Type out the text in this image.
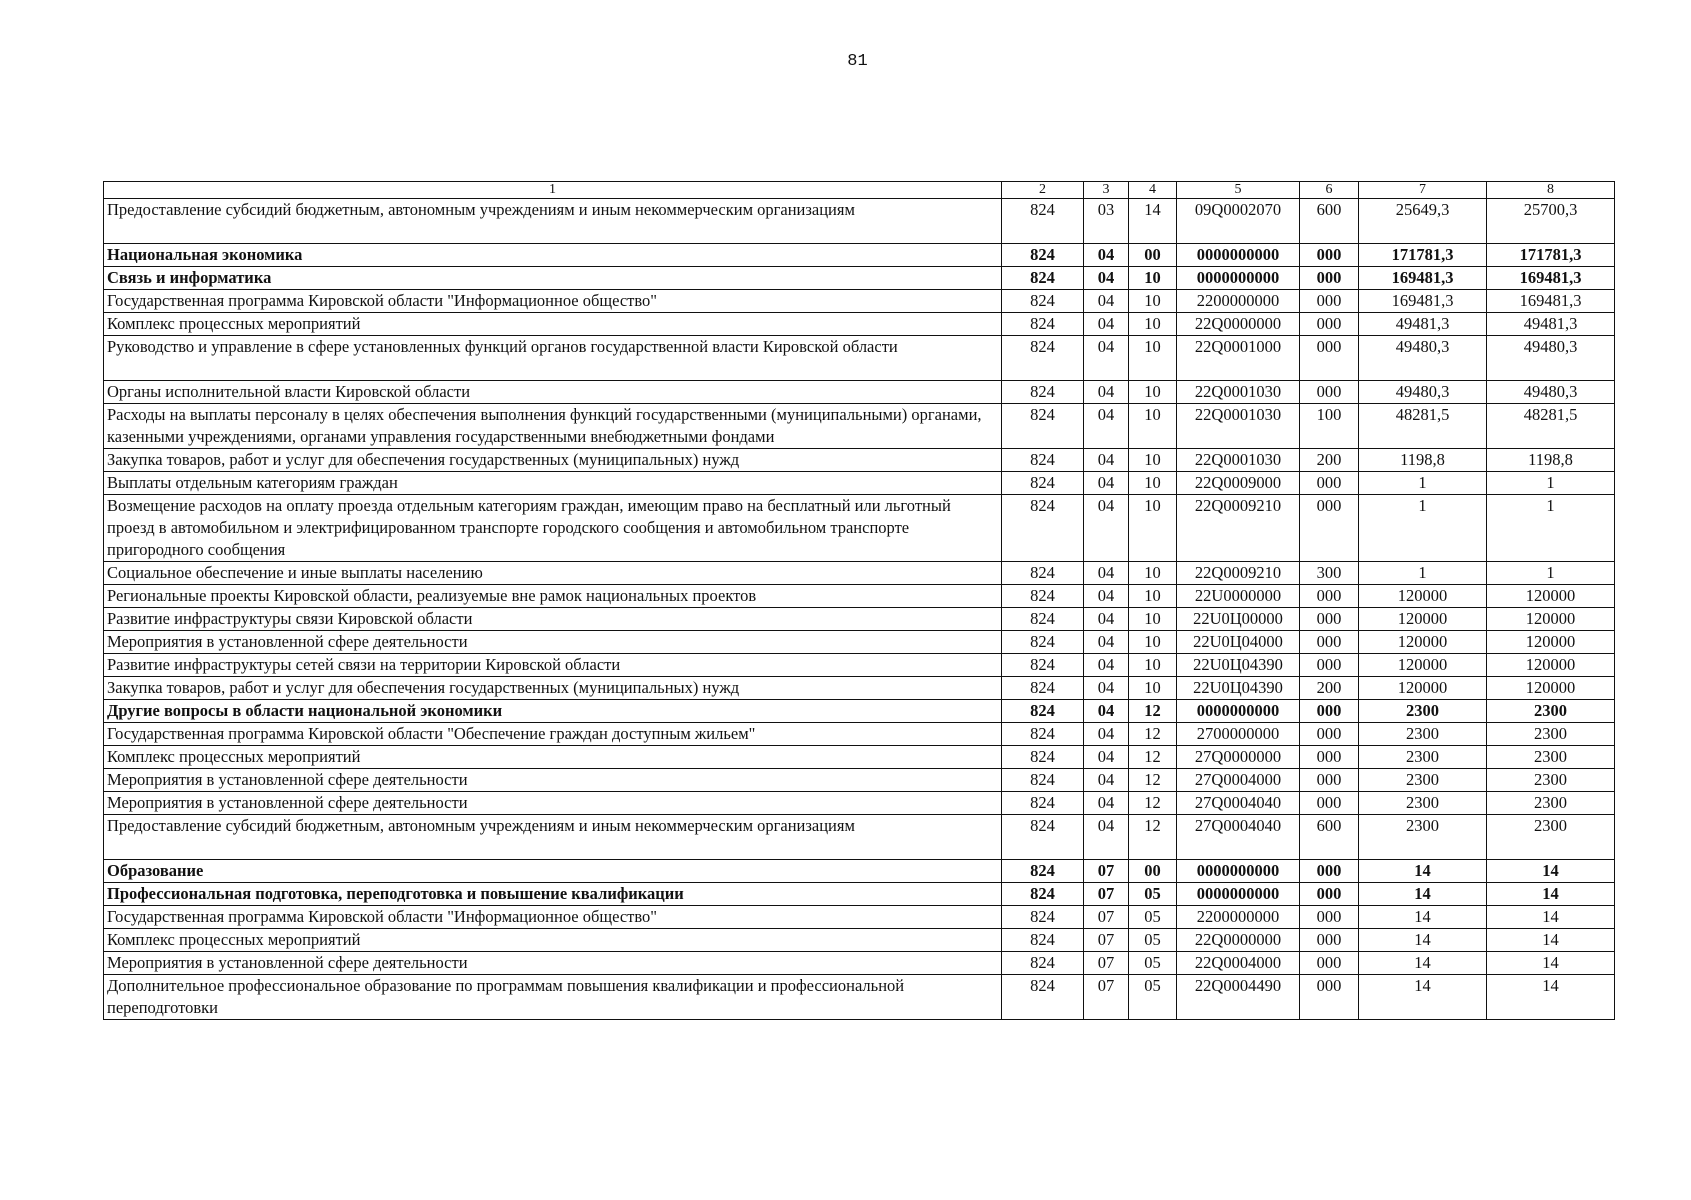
81
1	2	3	4	5	6	7	8
Предоставление субсидий бюджетным, автономным учреждениям и иным некоммерческим организациям	824	03	14	09Q0002070	600	25649,3	25700,3
Национальная экономика	824	04	00	0000000000	000	171781,3	171781,3
Связь и информатика	824	04	10	0000000000	000	169481,3	169481,3
Государственная программа Кировской области "Информационное общество"	824	04	10	2200000000	000	169481,3	169481,3
Комплекс процессных мероприятий	824	04	10	22Q0000000	000	49481,3	49481,3
Руководство и управление в сфере установленных функций органов государственной власти Кировской области	824	04	10	22Q0001000	000	49480,3	49480,3
Органы исполнительной власти Кировской области	824	04	10	22Q0001030	000	49480,3	49480,3
Расходы на выплаты персоналу в целях обеспечения выполнения функций государственными (муниципальными) органами, казенными учреждениями, органами управления государственными внебюджетными фондами	824	04	10	22Q0001030	100	48281,5	48281,5
Закупка товаров, работ и услуг для обеспечения государственных (муниципальных) нужд	824	04	10	22Q0001030	200	1198,8	1198,8
Выплаты отдельным категориям граждан	824	04	10	22Q0009000	000	1	1
Возмещение расходов на оплату проезда отдельным категориям граждан, имеющим право на бесплатный или льготный проезд в автомобильном и электрифицированном транспорте городского сообщения и автомобильном транспорте пригородного сообщения	824	04	10	22Q0009210	000	1	1
Социальное обеспечение и иные выплаты населению	824	04	10	22Q0009210	300	1	1
Региональные проекты Кировской области, реализуемые вне рамок национальных проектов	824	04	10	22U0000000	000	120000	120000
Развитие инфраструктуры связи Кировской области	824	04	10	22U0Ц00000	000	120000	120000
Мероприятия в установленной сфере деятельности	824	04	10	22U0Ц04000	000	120000	120000
Развитие инфраструктуры сетей связи на территории Кировской области	824	04	10	22U0Ц04390	000	120000	120000
Закупка товаров, работ и услуг для обеспечения государственных (муниципальных) нужд	824	04	10	22U0Ц04390	200	120000	120000
Другие вопросы в области национальной экономики	824	04	12	0000000000	000	2300	2300
Государственная программа Кировской области "Обеспечение граждан доступным жильем"	824	04	12	2700000000	000	2300	2300
Комплекс процессных мероприятий	824	04	12	27Q0000000	000	2300	2300
Мероприятия в установленной сфере деятельности	824	04	12	27Q0004000	000	2300	2300
Мероприятия в установленной сфере деятельности	824	04	12	27Q0004040	000	2300	2300
Предоставление субсидий бюджетным, автономным учреждениям и иным некоммерческим организациям	824	04	12	27Q0004040	600	2300	2300
Образование	824	07	00	0000000000	000	14	14
Профессиональная подготовка, переподготовка и повышение квалификации	824	07	05	0000000000	000	14	14
Государственная программа Кировской области "Информационное общество"	824	07	05	2200000000	000	14	14
Комплекс процессных мероприятий	824	07	05	22Q0000000	000	14	14
Мероприятия в установленной сфере деятельности	824	07	05	22Q0004000	000	14	14
Дополнительное профессиональное образование по программам повышения квалификации и профессиональной переподготовки	824	07	05	22Q0004490	000	14	14
